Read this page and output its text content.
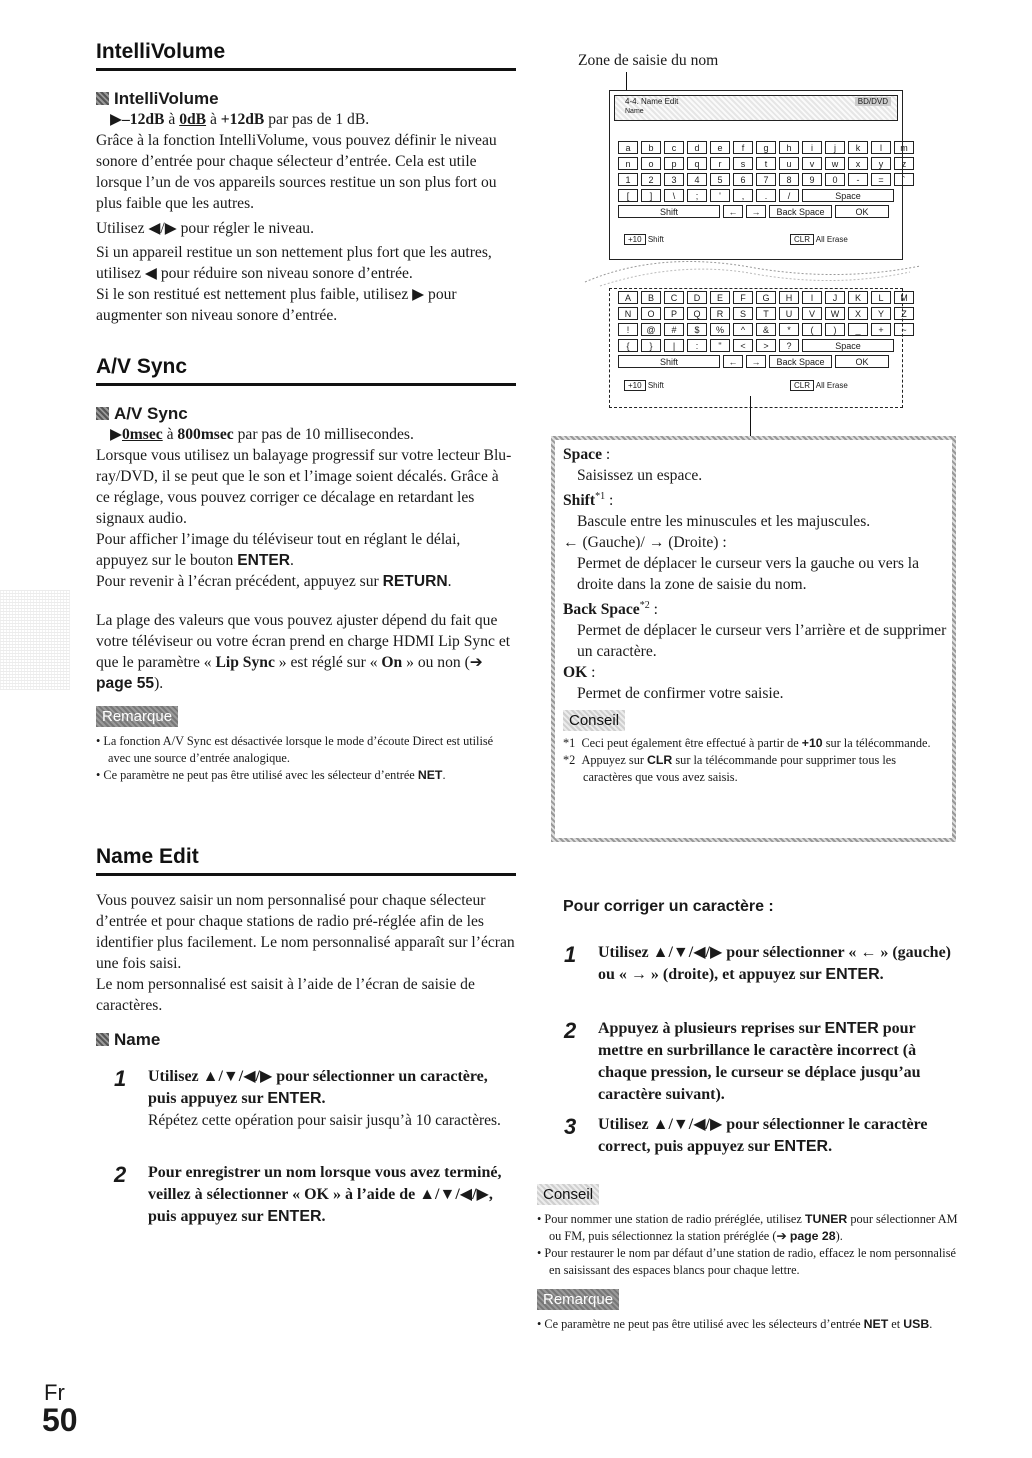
IntelliVolume

IntelliVolume

▶–12dB à 0dB à +12dB par pas de 1 dB.

Grâce à la fonction IntelliVolume, vous pouvez définir le niveau sonore d’entrée pour chaque sélecteur d’entrée. Cela est utile lorsque l’un de vos appareils sources restitue un son plus fort ou plus faible que les autres.

Utilisez ◀/▶ pour régler le niveau.

Si un appareil restitue un son nettement plus fort que les autres, utilisez ◀ pour réduire son niveau sonore d’entrée.

Si le son restitué est nettement plus faible, utilisez ▶ pour augmenter son niveau sonore d’entrée.

A/V Sync

A/V Sync

▶0msec à 800msec par pas de 10 millisecondes.

Lorsque vous utilisez un balayage progressif sur votre lecteur Blu-ray/DVD, il se peut que le son et l’image soient décalés. Grâce à ce réglage, vous pouvez corriger ce décalage en retardant les signaux audio.

Pour afficher l’image du téléviseur tout en réglant le délai, appuyez sur le bouton ENTER.

Pour revenir à l’écran précédent, appuyez sur RETURN.

La plage des valeurs que vous pouvez ajuster dépend du fait que votre téléviseur ou votre écran prend en charge HDMI Lip Sync et que le paramètre « Lip Sync » est réglé sur « On » ou non (➔ page 55).

Remarque
• La fonction A/V Sync est désactivée lorsque le mode d’écoute Direct est utilisé avec une source d’entrée analogique.
• Ce paramètre ne peut pas être utilisé avec les sélecteur d’entrée NET.
Name Edit

Vous pouvez saisir un nom personnalisé pour chaque sélecteur d’entrée et pour chaque stations de radio pré-réglée afin de les identifier plus facilement. Le nom personnalisé apparaît sur l’écran une fois saisi.

Le nom personnalisé est saisit à l’aide de l’écran de saisie de caractères.

Name

1 Utilisez ▲/▼/◀/▶ pour sélectionner un caractère, puis appuyez sur ENTER.
Répétez cette opération pour saisir jusqu’à 10 caractères.
2 Pour enregistrer un nom lorsque vous avez terminé, veillez à sélectionner « OK » à l’aide de ▲/▼/◀/▶, puis appuyez sur ENTER.
Zone de saisie du nom
4-4. Name Edit
Name
BD/DVD
a	b	c	d	e	f	g	h	i	j	k	l	m
n	o	p	q	r	s	t	u	v	w	x	y	z
1	2	3	4	5	6	7	8	9	0	-	=	`
[	]	\	;	'	,	.	/	Space
Shift	←	→	Back Space	OK
+10 Shift	CLR All Erase
A	B	C	D	E	F	G	H	I	J	K	L	M
N	O	P	Q	R	S	T	U	V	W	X	Y	Z
!	@	#	$	%	^	&	*	(	)	_	+	~
{	}	|	:	"	<	>	?	Space
Shift	←	→	Back Space	OK
+10 Shift	CLR All Erase

Space :

Saisissez un espace.

Shift$^{*1}$ :

Bascule entre les minuscules et les majuscules.

← (Gauche)/ → (Droite) :

Permet de déplacer le curseur vers la gauche ou vers la droite dans la zone de saisie du nom.

Back Space$^{*2}$ :

Permet de déplacer le curseur vers l’arrière et de supprimer un caractère.

OK :

Permet de confirmer votre saisie.

Conseil
*1 Ceci peut également être effectué à partir de +10 sur la télécommande.
*2 Appuyez sur CLR sur la télécommande pour supprimer tous les caractères que vous avez saisis.
Pour corriger un caractère :
1 Utilisez ▲/▼/◀/▶ pour sélectionner « ← » (gauche) ou « → » (droite), et appuyez sur ENTER.
2 Appuyez à plusieurs reprises sur ENTER pour mettre en surbrillance le caractère incorrect (à chaque pression, le curseur se déplace jusqu’au caractère suivant).
3 Utilisez ▲/▼/◀/▶ pour sélectionner le caractère correct, puis appuyez sur ENTER.
Conseil
• Pour nommer une station de radio préréglée, utilisez TUNER pour sélectionner AM ou FM, puis sélectionnez la station préréglée (➔ page 28).
• Pour restaurer le nom par défaut d’une station de radio, effacez le nom personnalisé en saisissant des espaces blancs pour chaque lettre.
Remarque
• Ce paramètre ne peut pas être utilisé avec les sélecteurs d’entrée NET et USB.
Fr
50
